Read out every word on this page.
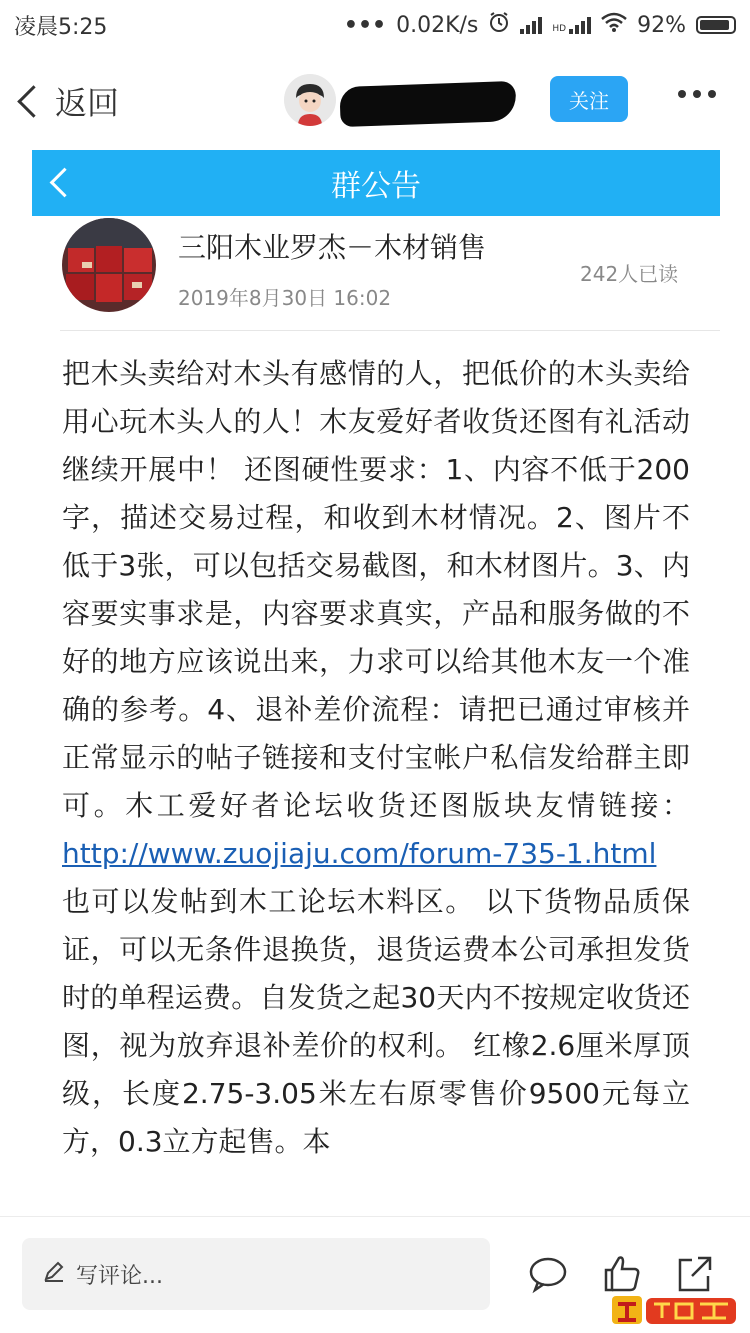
凌晨5:25	••• 0.02K/s	HD	92%
返回	关注
群公告
三阳木业罗杰－木材销售
2019年8月30日 16:02
242人已读
把木头卖给对木头有感情的人，把低价的木头卖给用心玩木头人的人！木友爱好者收货还图有礼活动继续开展中！ 还图硬性要求：1、内容不低于200字，描述交易过程，和收到木材情况。2、图片不低于3张，可以包括交易截图，和木材图片。3、内容要实事求是，内容要求真实，产品和服务做的不好的地方应该说出来，力求可以给其他木友一个准确的参考。4、退补差价流程：请把已通过审核并正常显示的帖子链接和支付宝帐户私信发给群主即可。木工爱好者论坛收货还图版块友情链接：http://www.zuojiaju.com/forum-735-1.html 也可以发帖到木工论坛木料区。 以下货物品质保证，可以无条件退换货，退货运费本公司承担发货时的单程运费。自发货之起30天内不按规定收货还图，视为放弃退补差价的权利。 红橡2.6厘米厚顶级，长度2.75-3.05米左右原零售价9500元每立方，0.3立方起售。本
写评论...
